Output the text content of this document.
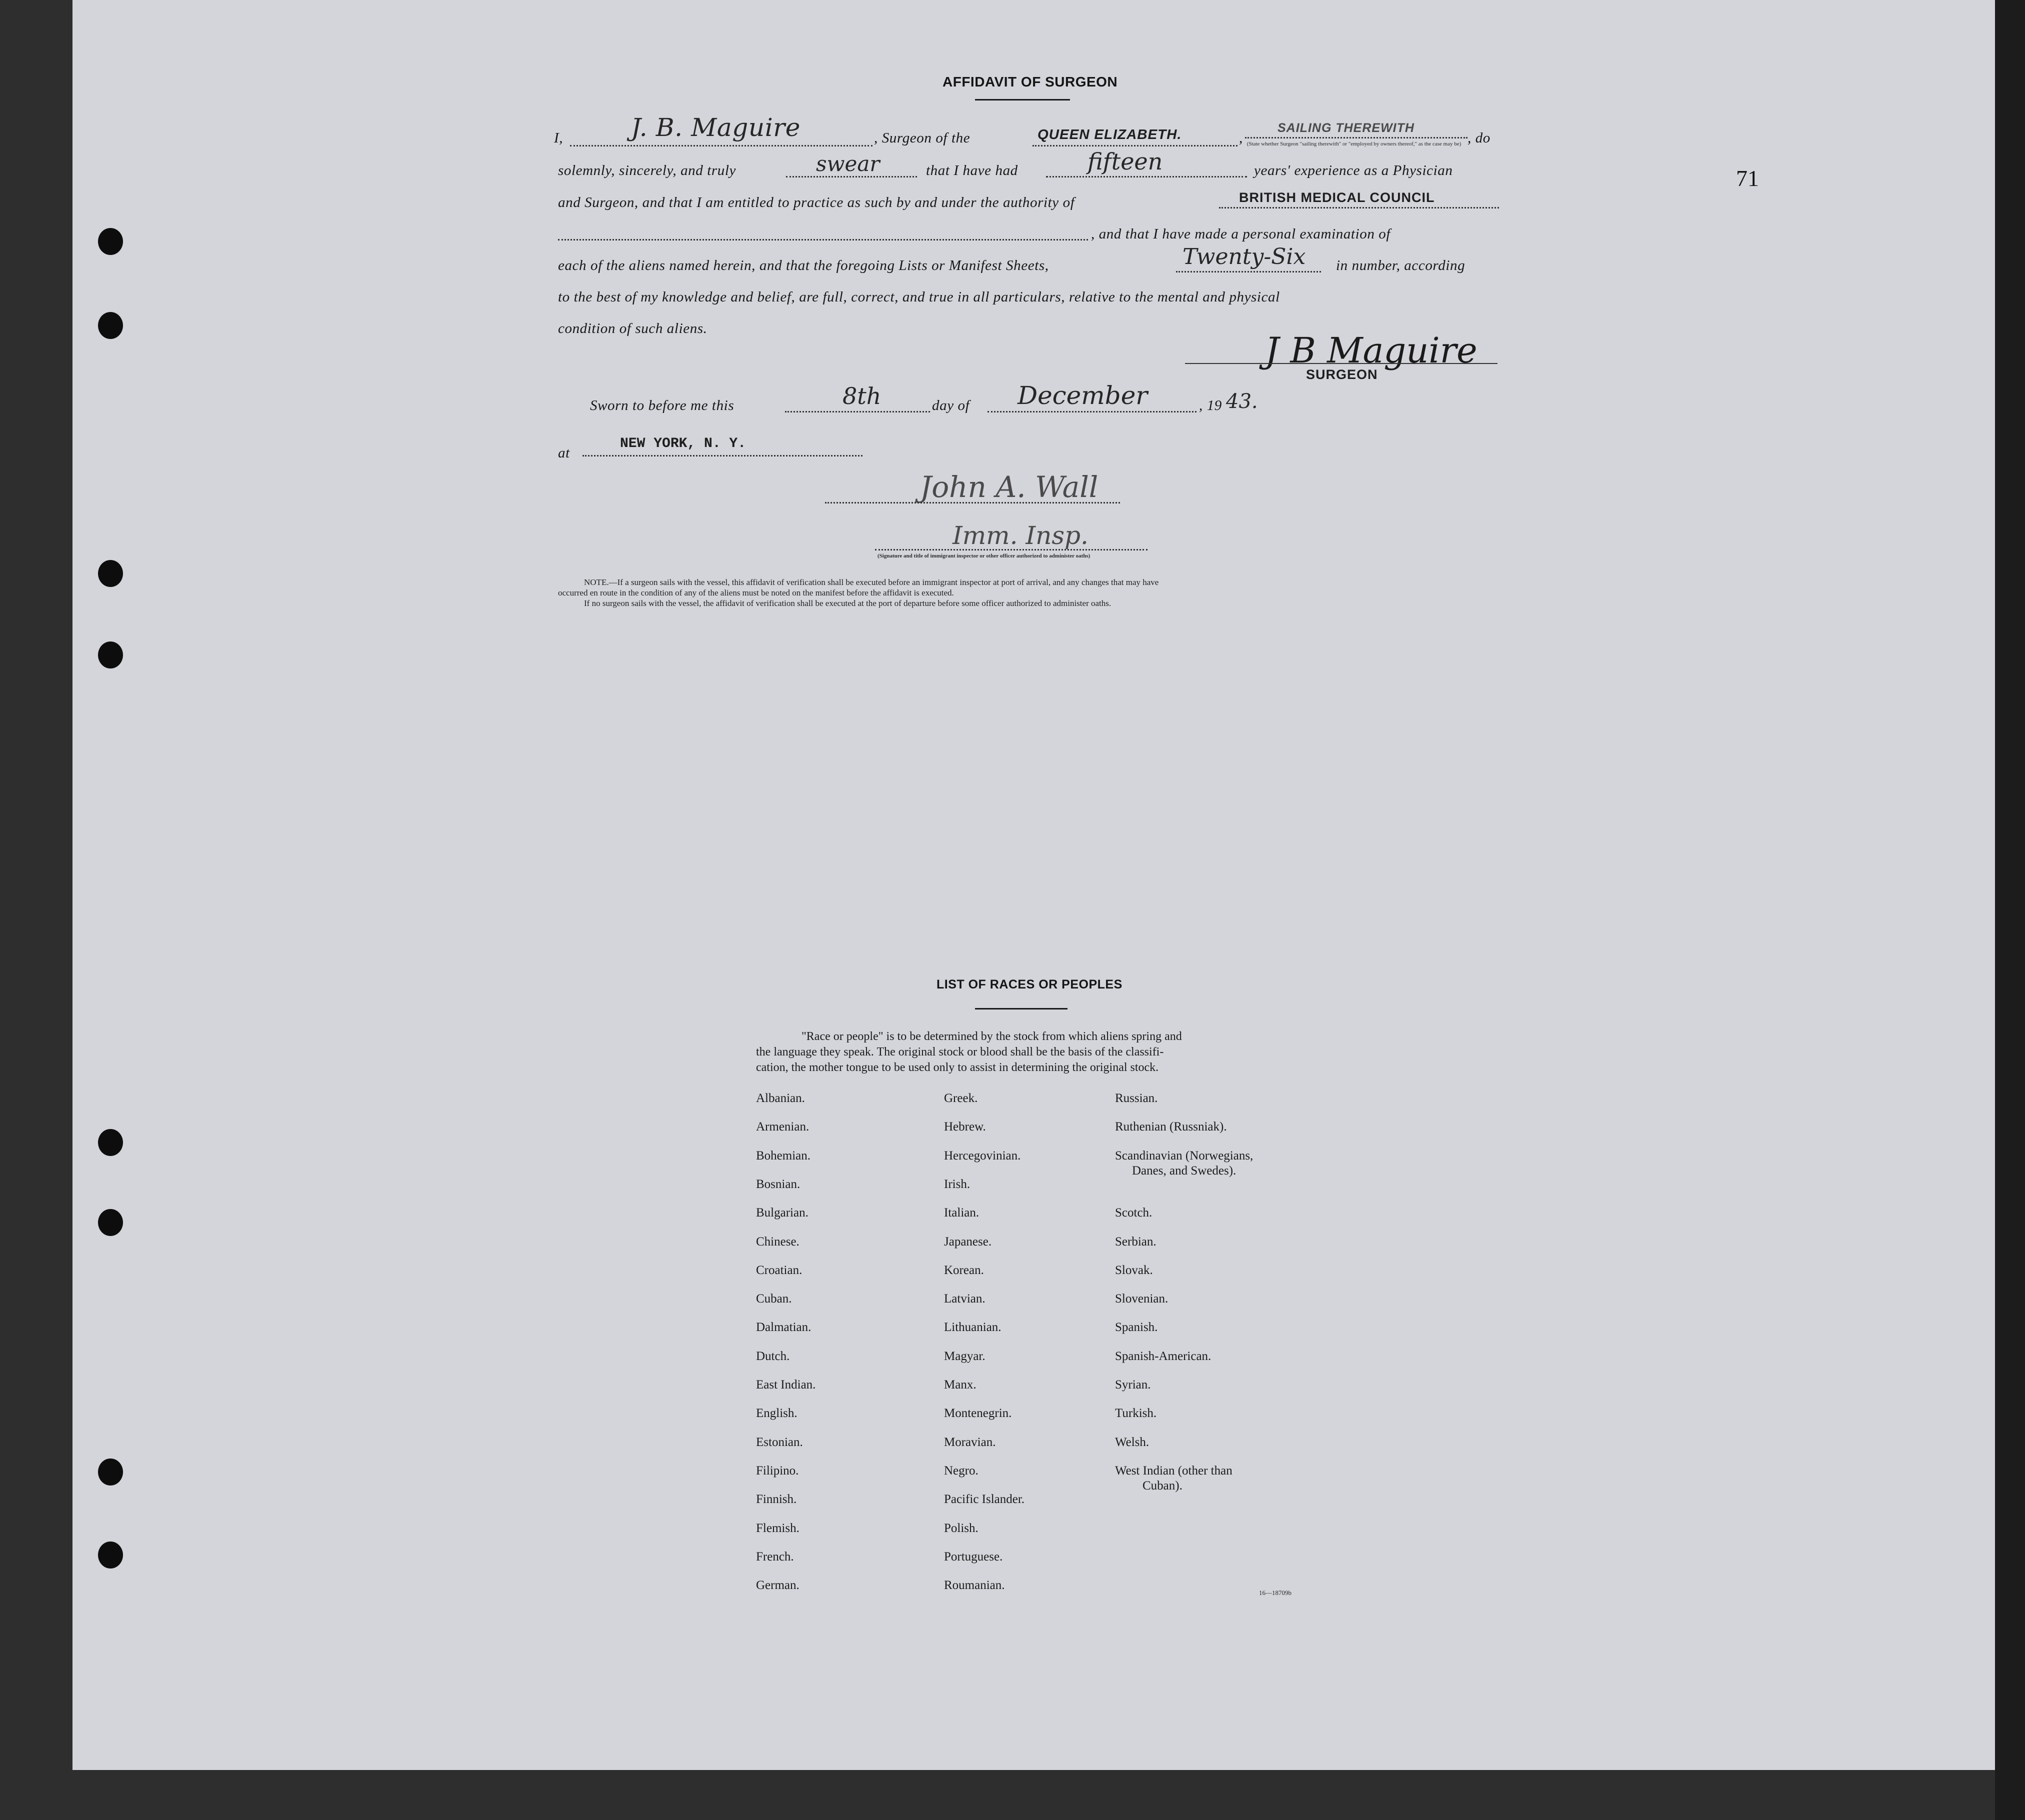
71
AFFIDAVIT OF SURGEON
I,	J. B. Maguire	, Surgeon of the	QUEEN ELIZABETH.	,
SAILING THEREWITH
, do
(State whether Surgeon "sailing therewith" or "employed by owners thereof," as the case may be)
solemnly, sincerely, and truly	swear	that I have had	fifteen	years' experience as a Physician
and Surgeon, and that I am entitled to practice as such by and under the authority of	BRITISH MEDICAL COUNCIL
, and that I have made a personal examination of
each of the aliens named herein, and that the foregoing Lists or Manifest Sheets,	Twenty-Six in number, according
to the best of my knowledge and belief, are full, correct, and true in all particulars, relative to the mental and physical
condition of such aliens.
J B Maguire
SURGEON
Sworn to before me this	8th	day of December	, 19 43.
at
NEW YORK, N. Y.
John A. Wall
Imm. Insp.
(Signature and title of immigrant inspector or other officer authorized to administer oaths)
NOTE.—If a surgeon sails with the vessel, this affidavit of verification shall be executed before an immigrant inspector at port of arrival, and any changes that may have
occurred en route in the condition of any of the aliens must be noted on the manifest before the affidavit is executed.
If no surgeon sails with the vessel, the affidavit of verification shall be executed at the port of departure before some officer authorized to administer oaths.
LIST OF RACES OR PEOPLES
"Race or people" is to be determined by the stock from which aliens spring and
the language they speak. The original stock or blood shall be the basis of the classifi-
cation, the mother tongue to be used only to assist in determining the original stock.
16—18709b
Albanian.
Armenian.
Bohemian.
Bosnian.
Bulgarian.
Chinese.
Croatian.
Cuban.
Dalmatian.
Dutch.
East Indian.
English.
Estonian.
Filipino.
Finnish.
Flemish.
French.
German.
Greek.
Hebrew.
Hercegovinian.
Irish.
Italian.
Japanese.
Korean.
Latvian.
Lithuanian.
Magyar.
Manx.
Montenegrin.
Moravian.
Negro.
Pacific Islander.
Polish.
Portuguese.
Roumanian.
Russian.
Ruthenian (Russniak).
Scandinavian (Norwegians,
Danes, and Swedes).
Scotch.
Serbian.
Slovak.
Slovenian.
Spanish.
Spanish-American.
Syrian.
Turkish.
Welsh.
West Indian (other than
Cuban).
